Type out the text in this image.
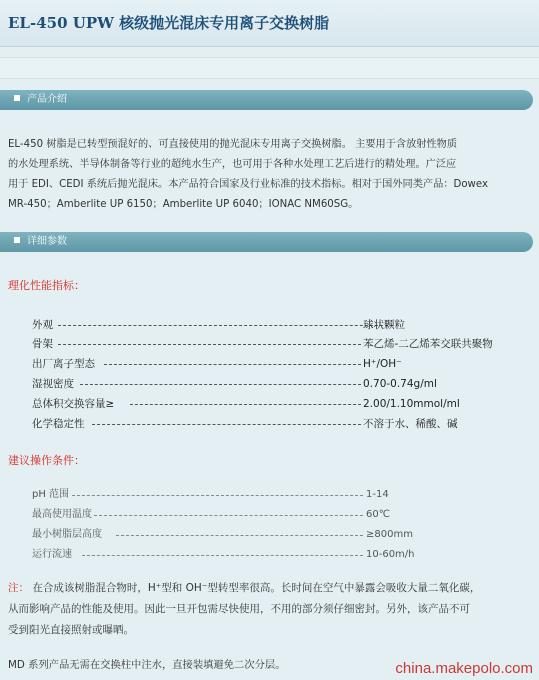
EL-450 UPW 核级抛光混床专用离子交换树脂
产品介绍
EL-450 树脂是已转型预混好的、可直接使用的抛光混床专用离子交换树脂。 主要用于含放射性物质
的水处理系统、半导体制备等行业的超纯水生产，也可用于各种水处理工艺后进行的精处理。广泛应
用于 EDI、CEDI 系统后抛光混床。本产品符合国家及行业标准的技术指标。相对于国外同类产品：Dowex
MR-450；Amberlite UP 6150；Amberlite UP 6040；IONAC NM60SG。
详细参数
理化性能指标：
外观	球状颗粒
骨架	苯乙烯-二乙烯苯交联共聚物
出厂离子型态	H⁺/OH⁻
湿视密度	0.70-0.74g/ml
总体积交换容量≥	2.00/1.10mmol/ml
化学稳定性	不溶于水、稀酸、碱
建议操作条件：
pH 范围	1-14
最高使用温度	60℃
最小树脂层高度	≥800mm
运行流速	10-60m/h
注： 在合成该树脂混合物时，H⁺型和 OH⁻型转型率很高。长时间在空气中暴露会吸收大量二氧化碳，
从而影响产品的性能及使用。因此一旦开包需尽快使用，不用的部分须仔细密封。另外，该产品不可
受到阳光直接照射或曝晒。
MD 系列产品无需在交换柱中注水，直接装填避免二次分层。	china.makepolo.com
